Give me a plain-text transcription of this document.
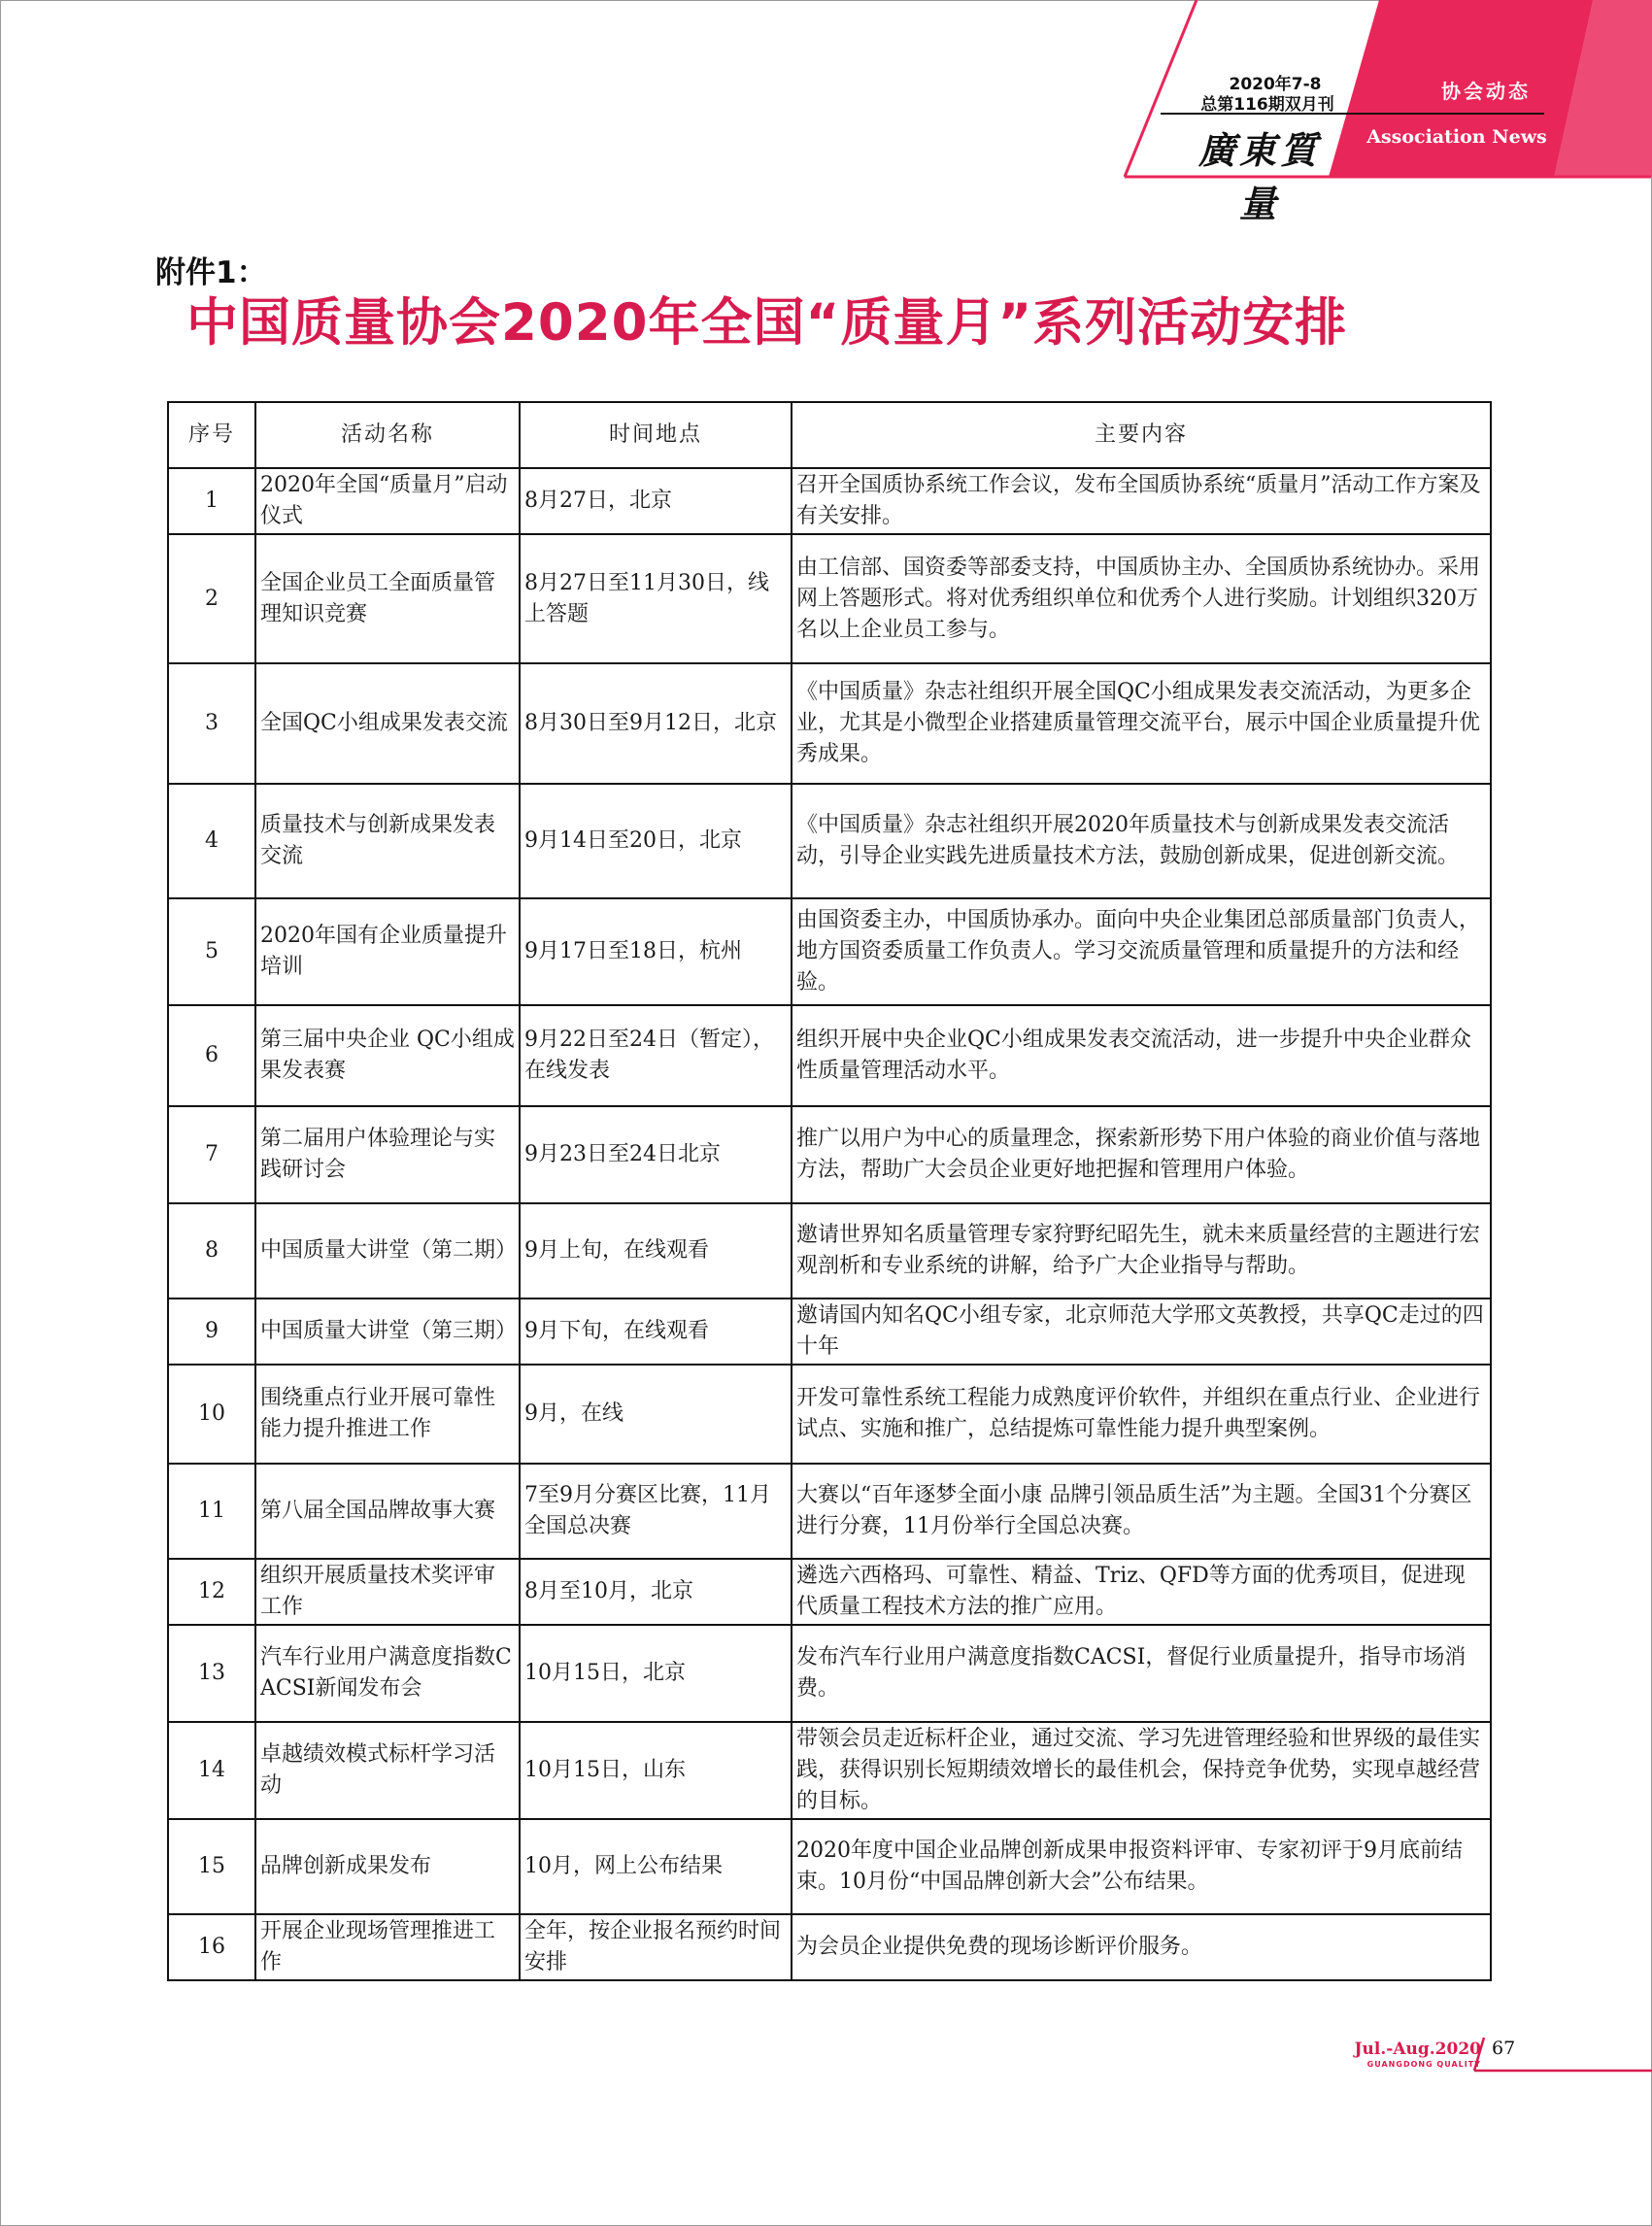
2020年7-8
总第116期双月刊
廣東質量
协会动态
Association News
附件1：
中国质量协会2020年全国“质量月”系列活动安排
序号	活动名称	时间地点	主要内容
1	2020年全国“质量月”启动仪式	8月27日，北京	召开全国质协系统工作会议，发布全国质协系统“质量月”活动工作方案及有关安排。
2	全国企业员工全面质量管理知识竞赛	8月27日至11月30日，线上答题	由工信部、国资委等部委支持，中国质协主办、全国质协系统协办。采用网上答题形式。将对优秀组织单位和优秀个人进行奖励。计划组织320万名以上企业员工参与。
3	全国QC小组成果发表交流	8月30日至9月12日，北京	《中国质量》杂志社组织开展全国QC小组成果发表交流活动，为更多企业，尤其是小微型企业搭建质量管理交流平台，展示中国企业质量提升优秀成果。
4	质量技术与创新成果发表交流	9月14日至20日，北京	《中国质量》杂志社组织开展2020年质量技术与创新成果发表交流活动，引导企业实践先进质量技术方法，鼓励创新成果，促进创新交流。
5	2020年国有企业质量提升培训	9月17日至18日，杭州	由国资委主办，中国质协承办。面向中央企业集团总部质量部门负责人，地方国资委质量工作负责人。学习交流质量管理和质量提升的方法和经验。
6	第三届中央企业 QC小组成果发表赛	9月22日至24日（暂定），在线发表	组织开展中央企业QC小组成果发表交流活动，进一步提升中央企业群众性质量管理活动水平。
7	第二届用户体验理论与实践研讨会	9月23日至24日北京	推广以用户为中心的质量理念，探索新形势下用户体验的商业价值与落地方法，帮助广大会员企业更好地把握和管理用户体验。
8	中国质量大讲堂（第二期）	9月上旬，在线观看	邀请世界知名质量管理专家狩野纪昭先生，就未来质量经营的主题进行宏观剖析和专业系统的讲解，给予广大企业指导与帮助。
9	中国质量大讲堂（第三期）	9月下旬，在线观看	邀请国内知名QC小组专家，北京师范大学邢文英教授，共享QC走过的四十年
10	围绕重点行业开展可靠性能力提升推进工作	9月，在线	开发可靠性系统工程能力成熟度评价软件，并组织在重点行业、企业进行试点、实施和推广，总结提炼可靠性能力提升典型案例。
11	第八届全国品牌故事大赛	7至9月分赛区比赛，11月全国总决赛	大赛以“百年逐梦全面小康 品牌引领品质生活”为主题。全国31个分赛区进行分赛，11月份举行全国总决赛。
12	组织开展质量技术奖评审工作	8月至10月，北京	遴选六西格玛、可靠性、精益、Triz、QFD等方面的优秀项目，促进现代质量工程技术方法的推广应用。
13	汽车行业用户满意度指数CACSI新闻发布会	10月15日，北京	发布汽车行业用户满意度指数CACSI，督促行业质量提升，指导市场消费。
14	卓越绩效模式标杆学习活动	10月15日，山东	带领会员走近标杆企业，通过交流、学习先进管理经验和世界级的最佳实践，获得识别长短期绩效增长的最佳机会，保持竞争优势，实现卓越经营的目标。
15	品牌创新成果发布	10月，网上公布结果	2020年度中国企业品牌创新成果申报资料评审、专家初评于9月底前结束。10月份“中国品牌创新大会”公布结果。
16	开展企业现场管理推进工作	全年，按企业报名预约时间安排	为会员企业提供免费的现场诊断评价服务。
Jul.-Aug.2020
GUANGDONG QUALITY
67
